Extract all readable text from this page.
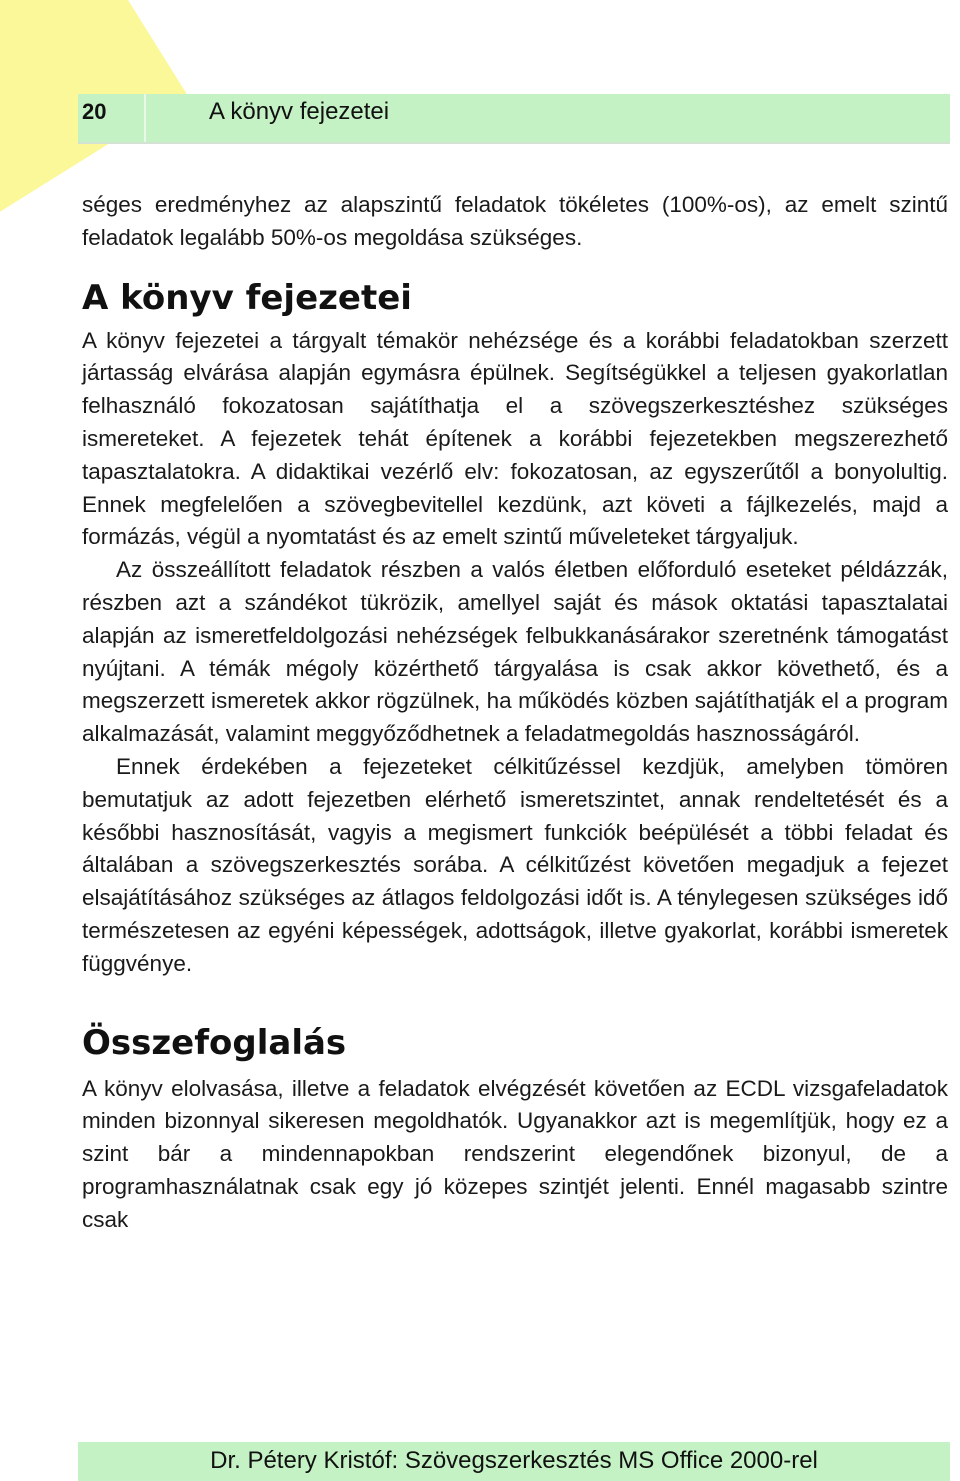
20	A könyv fejezetei

séges eredményhez az alapszintű feladatok tökéletes (100%-os), az emelt szintű feladatok legalább 50%-os megoldása szükséges.

A könyv fejezetei

A könyv fejezetei a tárgyalt témakör nehézsége és a korábbi feladatokban szerzett jártasság elvárása alapján egymásra épülnek. Segítségükkel a teljesen gyakorlatlan felhasználó fokozatosan sajátíthatja el a szövegszerkesztéshez szükséges ismereteket. A fejezetek tehát építenek a korábbi fejezetekben megszerezhető tapasztalatokra. A didaktikai vezérlő elv: fokozatosan, az egyszerűtől a bonyolultig. Ennek megfelelően a szövegbevitellel kezdünk, azt követi a fájlkezelés, majd a formázás, végül a nyomtatást és az emelt szintű műveleteket tárgyaljuk.

Az összeállított feladatok részben a valós életben előforduló eseteket példázzák, részben azt a szándékot tükrözik, amellyel saját és mások oktatási tapasztalatai alapján az ismeretfeldolgozási nehézségek felbukkanásárakor szeretnénk támogatást nyújtani. A témák mégoly közérthető tárgyalása is csak akkor követhető, és a megszerzett ismeretek akkor rögzülnek, ha működés közben sajátíthatják el a program alkalmazását, valamint meggyőződhetnek a feladatmegoldás hasznosságáról.

Ennek érdekében a fejezeteket célkitűzéssel kezdjük, amelyben tömören bemutatjuk az adott fejezetben elérhető ismeretszintet, annak rendeltetését és a későbbi hasznosítását, vagyis a megismert funkciók beépülését a többi feladat és általában a szövegszerkesztés sorába. A célkitűzést követően megadjuk a fejezet elsajátításához szükséges az átlagos feldolgozási időt is. A ténylegesen szükséges idő természetesen az egyéni képességek, adottságok, illetve gyakorlat, korábbi ismeretek függvénye.

Összefoglalás

A könyv elolvasása, illetve a feladatok elvégzését követően az ECDL vizsgafeladatok minden bizonnyal sikeresen megoldhatók. Ugyanakkor azt is megemlítjük, hogy ez a szint bár a mindennapokban rendszerint elegendőnek bizonyul, de a programhasználatnak csak egy jó közepes szintjét jelenti. Ennél magasabb szintre csak

Dr. Pétery Kristóf: Szövegszerkesztés MS Office 2000-rel
